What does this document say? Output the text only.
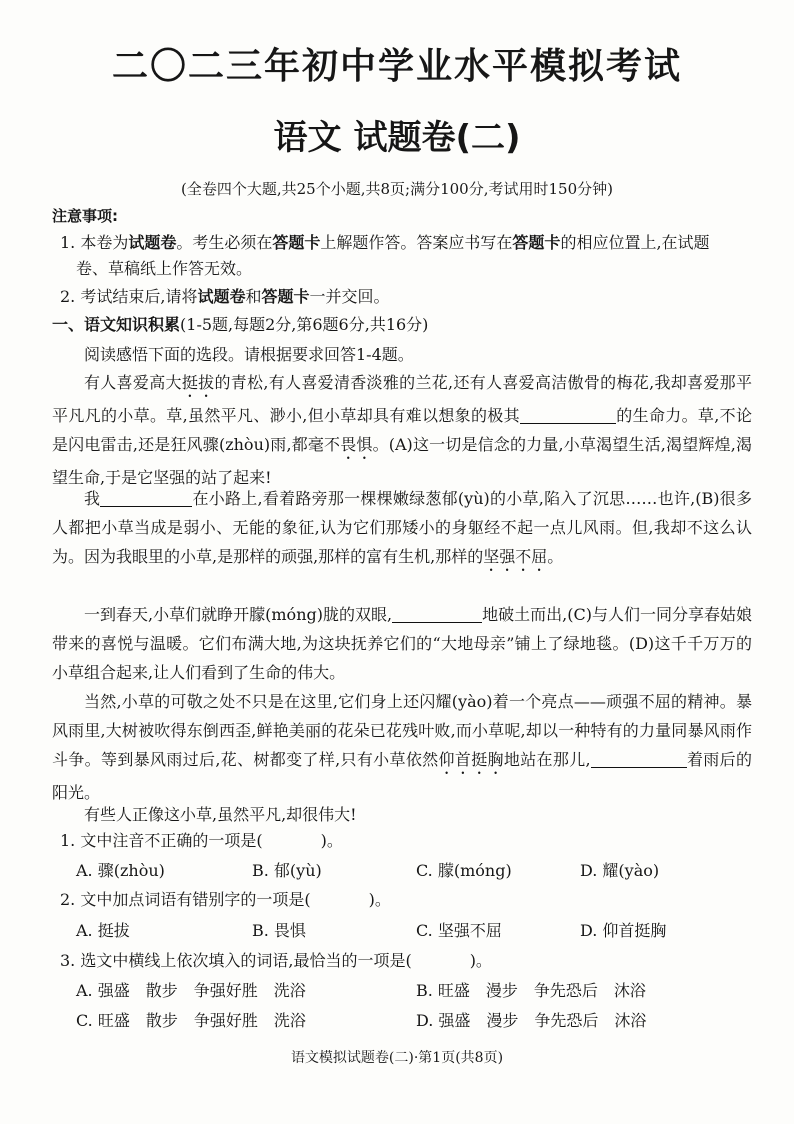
二〇二三年初中学业水平模拟考试
语文 试题卷(二)
(全卷四个大题,共25个小题,共8页;满分100分,考试用时150分钟)
注意事项:
1. 本卷为试题卷。考生必须在答题卡上解题作答。答案应书写在答题卡的相应位置上,在试题
卷、草稿纸上作答无效。
2. 考试结束后,请将试题卷和答题卡一并交回。
一、语文知识积累(1-5题,每题2分,第6题6分,共16分)
阅读感悟下面的选段。请根据要求回答1-4题。
有人喜爱高大挺拔的青松,有人喜爱清香淡雅的兰花,还有人喜爱高洁傲骨的梅花,我却喜爱那平平凡凡的小草。草,虽然平凡、渺小,但小草却具有难以想象的极其	的生命力。草,不论是闪电雷击,还是狂风骤(zhòu)雨,都毫不畏惧。(A)这一切是信念的力量,小草渴望生活,渴望辉煌,渴望生命,于是它坚强的站了起来!
我	在小路上,看着路旁那一棵棵嫩绿葱郁(yù)的小草,陷入了沉思……也许,(B)很多人都把小草当成是弱小、无能的象征,认为它们那矮小的身躯经不起一点儿风雨。但,我却不这么认为。因为我眼里的小草,是那样的顽强,那样的富有生机,那样的坚强不屈。
一到春天,小草们就睁开朦(móng)胧的双眼,	地破土而出,(C)与人们一同分享春姑娘带来的喜悦与温暖。它们布满大地,为这块抚养它们的“大地母亲”铺上了绿地毯。(D)这千千万万的小草组合起来,让人们看到了生命的伟大。
当然,小草的可敬之处不只是在这里,它们身上还闪耀(yào)着一个亮点——顽强不屈的精神。暴风雨里,大树被吹得东倒西歪,鲜艳美丽的花朵已花残叶败,而小草呢,却以一种特有的力量同暴风雨作斗争。等到暴风雨过后,花、树都变了样,只有小草依然仰首挺胸地站在那儿,	着雨后的阳光。
有些人正像这小草,虽然平凡,却很伟大!
1. 文中注音不正确的一项是(	)。
A. 骤(zhòu)	B. 郁(yù)	C. 朦(móng)	D. 耀(yào)
2. 文中加点词语有错别字的一项是(	)。
A. 挺拔	B. 畏惧	C. 坚强不屈	D. 仰首挺胸
3. 选文中横线上依次填入的词语,最恰当的一项是(	)。
A. 强盛　散步　争强好胜　洗浴	B. 旺盛　漫步　争先恐后　沐浴
C. 旺盛　散步　争强好胜　洗浴	D. 强盛　漫步　争先恐后　沐浴
语文模拟试题卷(二)·第1页(共8页)
